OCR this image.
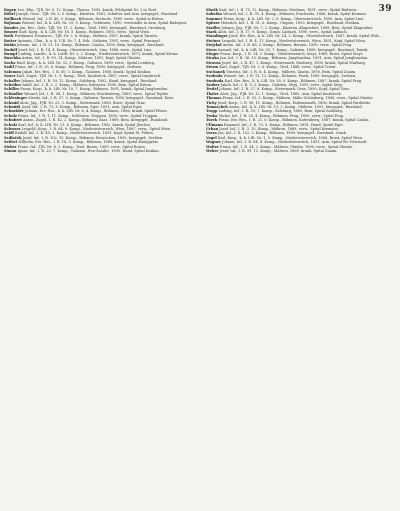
39

Rogen Leo, Ehn., TJR. Nr. 5, 12. Komp., Theusz, 1890, krank, Feldspital Nr. 2 in Tirol.

Röhrl Joseph, Gozz., TJR. Nr. 3, 8. Komp., Kärnten, 1881, Schulter und Arm, kriegsgef., Russland.

Rollbach Wenzel, Inf., I. R. 40, 5. Komp., Böhmen, Rechnitz, 1889, verw., Spital in Brünn.

Rojtman Wenzel, Inf., k. k. LIR. Nr. 29, 9. Komp., Schlesien, 1890, verwundet in Arm, Spital Budapest.

Rondes Jan, Res., Gefr., TJR. Nr. 11, 2. Komp., Tirol, 1889, kriegsgef., Russland, Orenburg.

Rosner Karl, Korp., k. k. LIR. Nr. 16, 5. Komp., Böhmen, 1892, verw., Spital Wien.

Roth Ferdinand, Ersatzres., TJR. Nr. 2, 8. Komp., Mähren, 1887, krank, Spital Tarnów.

Rotter Antonín, Ulan., k. u. k. U.R. Nr. 7, 4. Esk., Galizien, 1891, verw., Spital Przemysl.

Rubin Johann, Inf., I. R. 21, 10. Komp., Böhmen, Caslau, 1890, Bein, kriegsgef., Russland.

Rudolf Josef, Inf., I. R. 14, 4. Komp., Oberösterreich, Linz, 1888, verw., Spital Linz.

Rumpf Ludwig, Landst., k. k. LstIR. Nr. 3, 2. Komp., Niederösterreich, 1875, krank, Spital Krems.

Ruschka Anton, Inf., I. R. 99, 14. Komp., Mähren, 1891, Kopf, Spital Olmütz.

Sachs Emil, Korp., k. k. LIR. Nr. 32, 5. Komp., Galizien, 1889, verw., Spital Lemberg.

Sadil Franz, Inf., I. R. 28, 6. Komp., Böhmen, Prag, 1890, kriegsgef., Serbien.

Salomon Jakob, Ers.-Res., I. R. 80, 3. Komp., Galizien, 1888, krank, Spital Krakau.

Sauer Karl, Zugsf., TJR. Nr. 1, 9. Komp., Tirol, Innsbruck, 1887, verw., Spital Innsbruck.

Schaller Johann, Inf., I. R. 59, 12. Komp., Salzburg, 1892, Hand, kriegsgef., Russland.

Scheiber Adolf, Inf., I. R. 3, 2. Komp., Mähren, Kremsier, 1890, Bein, Spital Brünn.

Schiller Franz, Korp., k. k. LIR. Nr. 10, 7. Komp., Böhmen, 1891, krank, Spital Jungbunzlau.

Schindler Wenzel, Inf., I. R. 94, 1. Komp., Böhmen, Reichenberg, 1889, verw., Spital Teplitz.

Schlesinger Moritz, Inf., I. R. 57, 5. Komp., Galizien, Tarnów, 1890, kriegsgef., Russland, Kiew.

Schmid Alois, Jäg., FJB. Nr. 22, 3. Komp., Steiermark, 1888, Brust, Spital Graz.

Schmidt Josef, Inf., I. R. 73, 8. Komp., Böhmen, Eger, 1891, Arm, Spital Eger.

Schneider Johann, Ers.-Res., k. k. LIR. Nr. 6, 4. Komp., Böhmen, 1886, krank, Spital Pilsen.

Scholz Franz, Inf., I. R. 1, 11. Komp., Schlesien, Troppau, 1890, verw., Spital Troppau.

Schubert Anton, Zugsf., I. R. 42, 2. Komp., Böhmen, Saaz, 1889, Bein, kriegsgef., Russland.

Schulz Karl, Inf., k. k. LIR. Nr. 11, 6. Komp., Böhmen, 1892, krank, Spital Jitschin.

Schwarz Leopold, Korp., I. R. 84, 9. Komp., Niederösterreich, Wien, 1887, verw., Spital Wien.

Seidl Rudolf, Inf., I. R. 49, 3. Komp., Niederösterreich, 1891, Kopf, Spital St. Pölten.

Sedlaček Josef, Inf., I. R. 102, 10. Komp., Böhmen, Beneschau, 1890, kriegsgef., Serbien.

Seifert Wilhelm, Ers.-Res., I. R. 18, 5. Komp., Böhmen, 1888, krank, Spital Königgrätz.

Sieber Franz, Inf., TJR. Nr. 4, 1. Komp., Tirol, Bozen, 1889, verw., Spital Bozen.

Simon Ignaz, Inf., I. R. 20, 7. Komp., Galizien, Neu-Sandec, 1890, Hand, Spital Krakau.

Slavik Karl, Inf., I. R. 75, 12. Komp., Böhmen, Neuhaus, 1891, verw., Spital Budweis.

Sobotka Wenzel, Inf., I. R. 91, 4. Komp., Böhmen, Prachatitz, 1888, krank, Spital Krumau.

Sommer Franz, Korp., k. k. LIR. Nr. 2, 8. Komp., Oberösterreich, 1890, Arm, Spital Linz.

Spitzer Heinrich, Inf., I. R. 31, 6. Komp., Ungarn, 1892, kriegsgef., Russland, Moskau.

Stadler Johann, Jäg., FJB. Nr. 7, 2. Komp., Kärnten, Klagenfurt, 1889, Bein, Spital Klagenfurt.

Stark Alois, Inf., I. R. 17, 9. Komp., Krain, Laibach, 1890, verw., Spital Laibach.

Staudinger Josef, Ers.-Res., k. k. LIR. Nr. 14, 3. Komp., Oberösterreich, 1887, krank, Spital Wels.

Steiner Leopold, Inf., I. R. 4, 11. Komp., Niederösterreich, Wien, 1891, Kopf, Spital Wien.

Stejskal Anton, Inf., I. R. 88, 5. Komp., Böhmen, Beraun, 1890, verw., Spital Prag.

Stern Samuel, Inf., k. k. LIR. Nr. 35, 7. Komp., Galizien, 1888, kriegsgef., Russland, Tomsk.

Stöger Franz, Korp., I. R. 14, 2. Komp., Oberösterreich, Steyr, 1889, Brust, Spital Steyr.

Straka Jan, Inf., I. R. 36, 10. Komp., Böhmen, Jungbunzlau, 1891, Arm, Spital Jungbunzlau.

Strauss Josef, Inf., I. R. 47, 1. Komp., Steiermark, Marburg, 1890, krank, Spital Marburg.

Sturm Karl, Zugsf., TJR. Nr. 2, 6. Komp., Tirol, 1888, verw., Spital Trient.

Suchanek Vinzenz, Inf., I. R. 8, 4. Komp., Mähren, Znaim, 1890, Bein, Spital Znaim.

Svoboda Wenzel, Inf., I. R. 11, 12. Komp., Böhmen, Pisek, 1889, kriegsgef., Serbien.

Swoboda Karl, Ers.-Res., k. k. LIR. Nr. 28, 9. Komp., Böhmen, 1887, krank, Spital Prag.

Tauber Jakob, Inf., I. R. 9, 3. Komp., Galizien, Stryj, 1891, verw., Spital Stryj.

Teufel Johann, Inf., I. R. 27, 8. Komp., Steiermark, Graz, 1890, Kopf, Spital Graz.

Thaler Alois, Jäg., FJB. Nr. 12, 1. Komp., Tirol, 1889, Arm, Spital Innsbruck.

Thomas Franz, Inf., I. R. 93, 5. Komp., Mähren, Mähr.-Schönberg, 1888, verw., Spital Olmütz.

Tichy Josef, Korp., I. R. 98, 11. Komp., Böhmen, Hohenmauth, 1890, krank, Spital Pardubitz.

Tomaschek Anton, Inf., k. k. LIR. Nr. 13, 2. Komp., Mähren, 1891, kriegsgef., Russland.

Trapp Ludwig, Inf., I. R. 59, 7. Komp., Salzburg, 1889, Bein, Spital Salzburg.

Trnka Václav, Inf., I. R. 28, 4. Komp., Böhmen, Prag, 1890, verw., Spital Prag.

Turek Franz, Ers.-Res., I. R. 21, 6. Komp., Böhmen, Kuttenberg, 1887, krank, Spital Caslau.

Ullmann Emanuel, Inf., I. R. 73, 9. Komp., Böhmen, 1891, Hand, Spital Eger.

Urban Josef, Inf., I. R. 3, 10. Komp., Mähren, 1889, verw., Spital Kremsier.

Vavra Jan, Inf., I. R. 102, 3. Komp., Böhmen, 1890, kriegsgef., Russland, Omsk.

Vogel Karl, Korp., k. k. LIR. Nr. 1, 5. Komp., Niederösterreich, 1888, Brust, Spital Wien.

Wagner Johann, Inf., I. R. 84, 8. Komp., Niederösterreich, 1891, Arm, Spital Wr.-Neustadt.

Walter Franz, Inf., I. R. 54, 2. Komp., Mähren, Olmütz, 1890, verw., Spital Olmütz.

Weber Josef, Inf., I. R. 99, 12. Komp., Mähren, 1889, krank, Spital Znaim.
